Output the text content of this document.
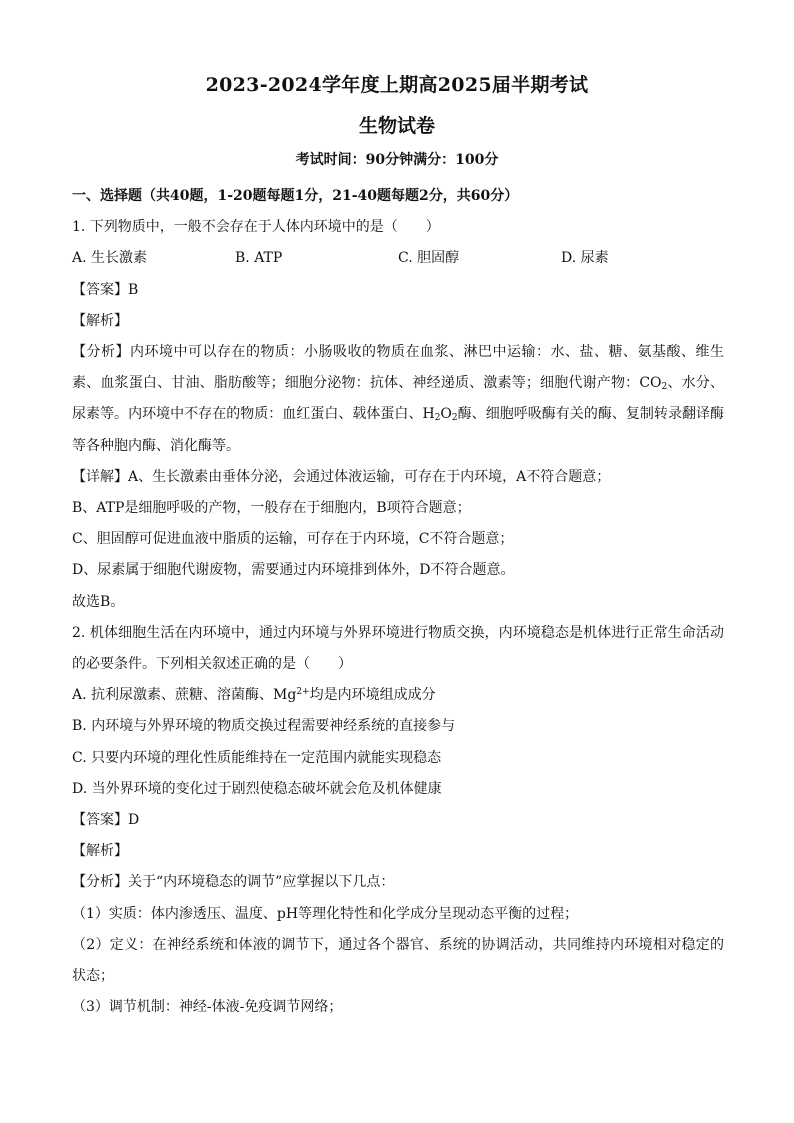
2023-2024学年度上期高2025届半期考试
生物试卷
考试时间：90分钟满分：100分
一、选择题（共40题，1-20题每题1分，21-40题每题2分，共60分）
1. 下列物质中，一般不会存在于人体内环境中的是（　　）
A. 生长激素	B. ATP	C. 胆固醇	D. 尿素
【答案】B
【解析】
【分析】内环境中可以存在的物质：小肠吸收的物质在血浆、淋巴中运输：水、盐、糖、氨基酸、维生素、血浆蛋白、甘油、脂肪酸等；细胞分泌物：抗体、神经递质、激素等；细胞代谢产物：$CO_2$、水分、尿素等。内环境中不存在的物质：血红蛋白、载体蛋白、$H_2O_2$酶、细胞呼吸酶有关的酶、复制转录翻译酶等各种胞内酶、消化酶等。
【详解】A、生长激素由垂体分泌，会通过体液运输，可存在于内环境，A不符合题意；
B、ATP是细胞呼吸的产物，一般存在于细胞内，B项符合题意；
C、胆固醇可促进血液中脂质的运输，可存在于内环境，C不符合题意；
D、尿素属于细胞代谢废物，需要通过内环境排到体外，D不符合题意。
故选B。
2. 机体细胞生活在内环境中，通过内环境与外界环境进行物质交换，内环境稳态是机体进行正常生命活动的必要条件。下列相关叙述正确的是（　　）
A. 抗利尿激素、蔗糖、溶菌酶、$Mg^{2+}$均是内环境组成成分
B. 内环境与外界环境的物质交换过程需要神经系统的直接参与
C. 只要内环境的理化性质能维持在一定范围内就能实现稳态
D. 当外界环境的变化过于剧烈使稳态破坏就会危及机体健康
【答案】D
【解析】
【分析】关于“内环境稳态的调节”应掌握以下几点：
（1）实质：体内渗透压、温度、pH等理化特性和化学成分呈现动态平衡的过程；
（2）定义：在神经系统和体液的调节下，通过各个器官、系统的协调活动，共同维持内环境相对稳定的状态；
（3）调节机制：神经-体液-免疫调节网络；
